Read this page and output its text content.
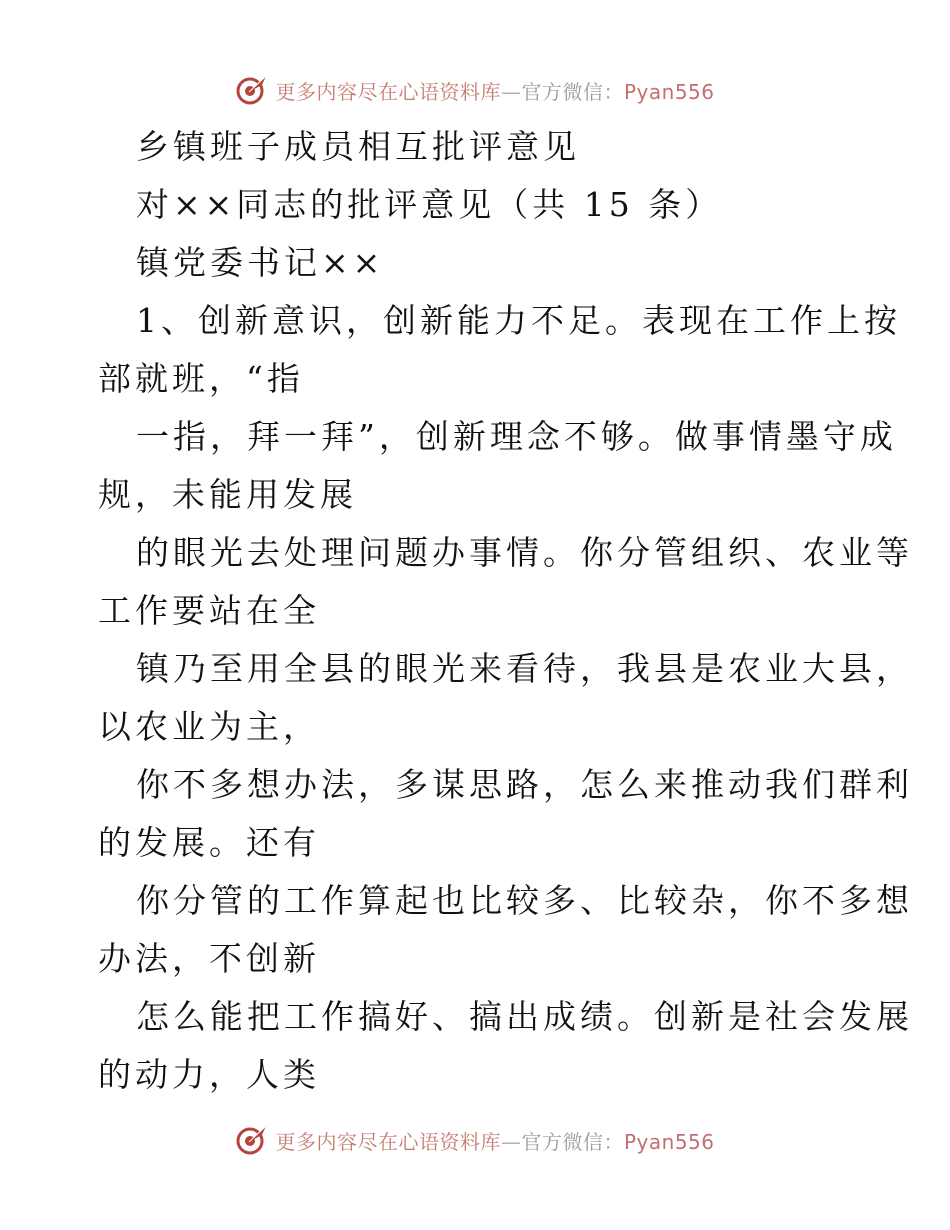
更多内容尽在心语资料库—官方微信：Pyan556
乡镇班子成员相互批评意见
对××同志的批评意见（共 15 条）
镇党委书记××
1、创新意识，创新能力不足。表现在工作上按
部就班，“指
一指，拜一拜”，创新理念不够。做事情墨守成
规，未能用发展
的眼光去处理问题办事情。你分管组织、农业等
工作要站在全
镇乃至用全县的眼光来看待，我县是农业大县，
以农业为主，
你不多想办法，多谋思路，怎么来推动我们群利
的发展。还有
你分管的工作算起也比较多、比较杂，你不多想
办法，不创新
怎么能把工作搞好、搞出成绩。创新是社会发展
的动力，人类
更多内容尽在心语资料库—官方微信：Pyan556
